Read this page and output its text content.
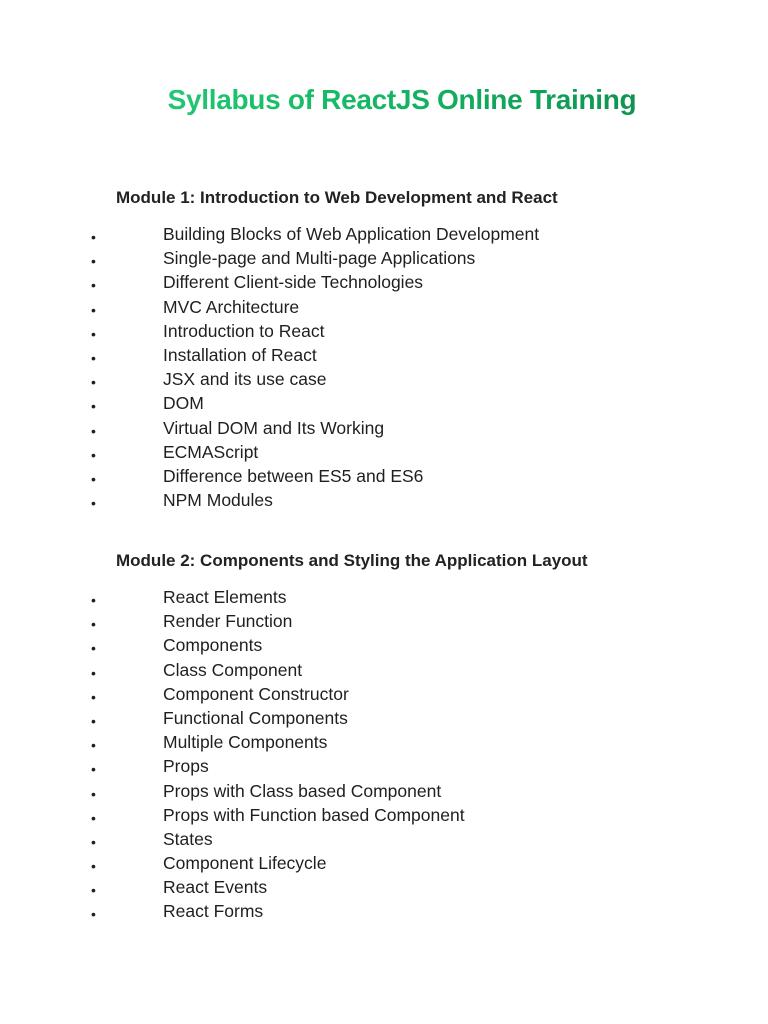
Syllabus of ReactJS Online Training
Module 1: Introduction to Web Development and React
•	Building Blocks of Web Application Development
•	Single-page and Multi-page Applications
•	Different Client-side Technologies
•	MVC Architecture
•	Introduction to React
•	Installation of React
•	JSX and its use case
•	DOM
•	Virtual DOM and Its Working
•	ECMAScript
•	Difference between ES5 and ES6
•	NPM Modules
Module 2: Components and Styling the Application Layout
•	React Elements
•	Render Function
•	Components
•	Class Component
•	Component Constructor
•	Functional Components
•	Multiple Components
•	Props
•	Props with Class based Component
•	Props with Function based Component
•	States
•	Component Lifecycle
•	React Events
•	React Forms
